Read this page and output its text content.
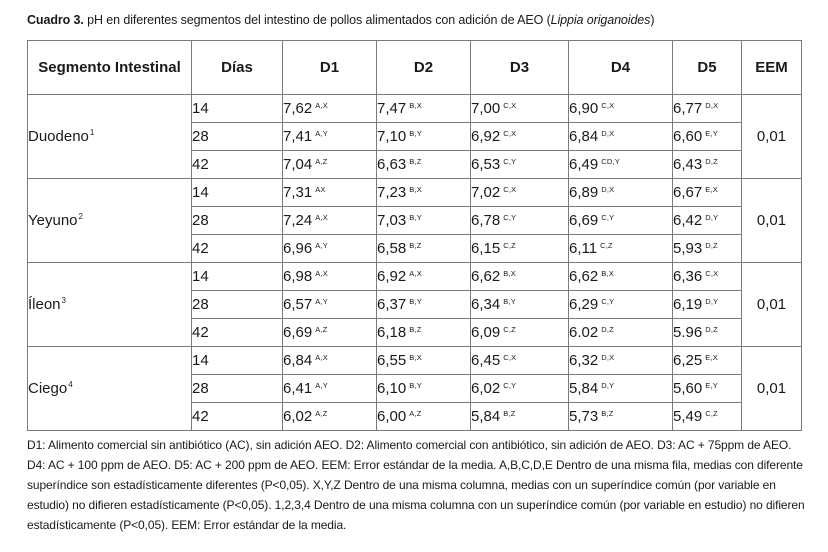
Cuadro 3. pH en diferentes segmentos del intestino de pollos alimentados con adición de AEO (Lippia origanoides)
Segmento Intestinal	Días	D1	D2	D3	D4	D5	EEM
Duodeno$^1$	14	7,62 $^{A,X}$	7,47 $^{B,X}$	7,00 $^{C,X}$	6,90 $^{C,X}$	6,77 $^{D,X}$	0,01
	28	7,41 $^{A,Y}$	7,10 $^{B,Y}$	6,92 $^{C,X}$	6,84 $^{D,X}$	6,60 $^{E,Y}$
	42	7,04 $^{A,Z}$	6,63 $^{B,Z}$	6,53 $^{C,Y}$	6,49 $^{CD,Y}$	6,43 $^{D,Z}$
Yeyuno$^2$	14	7,31 $^{AX}$	7,23 $^{B,X}$	7,02 $^{C,X}$	6,89 $^{D,X}$	6,67 $^{E,X}$	0,01
	28	7,24 $^{A,X}$	7,03 $^{B,Y}$	6,78 $^{C,Y}$	6,69 $^{C,Y}$	6,42 $^{D,Y}$
	42	6,96 $^{A,Y}$	6,58 $^{B,Z}$	6,15 $^{C,Z}$	6,11 $^{C,Z}$	5,93 $^{D,Z}$
Íleon$^3$	14	6,98 $^{A,X}$	6,92 $^{A,X}$	6,62 $^{B,X}$	6,62 $^{B,X}$	6,36 $^{C,X}$	0,01
	28	6,57 $^{A,Y}$	6,37 $^{B,Y}$	6,34 $^{B,Y}$	6,29 $^{C,Y}$	6,19 $^{D,Y}$
	42	6,69 $^{A,Z}$	6,18 $^{B,Z}$	6,09 $^{C,Z}$	6.02 $^{D,Z}$	5.96 $^{D,Z}$
Ciego$^4$	14	6,84 $^{A,X}$	6,55 $^{B,X}$	6,45 $^{C,X}$	6,32 $^{D,X}$	6,25 $^{E,X}$	0,01
	28	6,41 $^{A,Y}$	6,10 $^{B,Y}$	6,02 $^{C,Y}$	5,84 $^{D,Y}$	5,60 $^{E,Y}$
	42	6,02 $^{A,Z}$	6,00 $^{A,Z}$	5,84 $^{B,Z}$	5,73 $^{B,Z}$	5,49 $^{C,Z}$
D1: Alimento comercial sin antibiótico (AC), sin adición AEO. D2: Alimento comercial con antibiótico, sin adición de AEO. D3: AC + 75ppm de AEO. D4: AC + 100 ppm de AEO. D5: AC + 200 ppm de AEO. EEM: Error estándar de la media. A,B,C,D,E Dentro de una misma fila, medias con diferente superíndice son estadísticamente diferentes (P<0,05). X,Y,Z Dentro de una misma columna, medias con un superíndice común (por variable en estudio) no difieren estadísticamente (P<0,05). 1,2,3,4 Dentro de una misma columna con un superíndice común (por variable en estudio) no difieren estadísticamente (P<0,05). EEM: Error estándar de la media.
